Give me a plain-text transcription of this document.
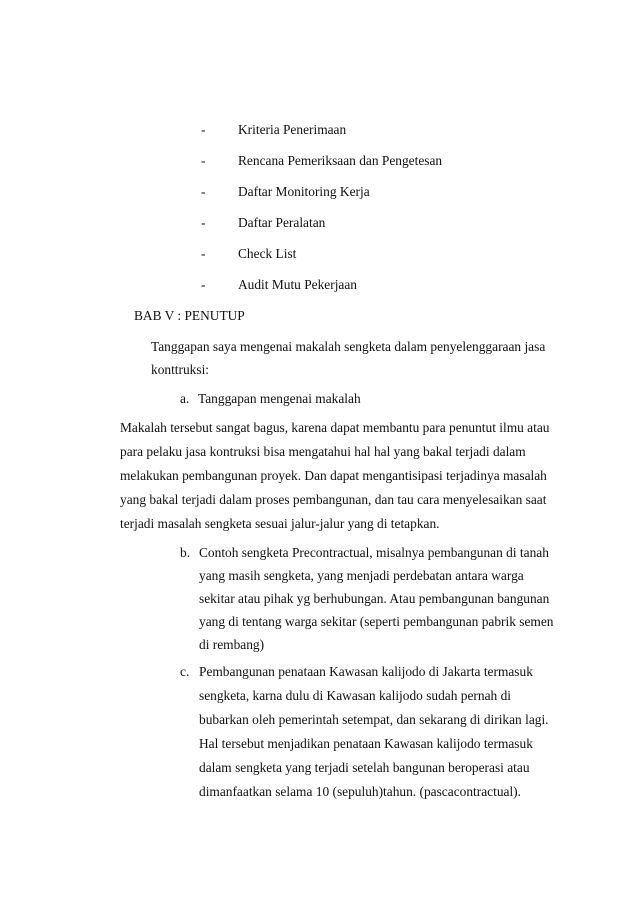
- Kriteria Penerimaan
- Rencana Pemeriksaan dan Pengetesan
- Daftar Monitoring Kerja
- Daftar Peralatan
- Check List
- Audit Mutu Pekerjaan
BAB V : PENUTUP
Tanggapan saya mengenai makalah sengketa dalam penyelenggaraan jasa
konttruksi:
a. Tanggapan mengenai makalah
Makalah tersebut sangat bagus, karena dapat membantu para penuntut ilmu atau
para pelaku jasa kontruksi bisa mengatahui hal hal yang bakal terjadi dalam
melakukan pembangunan proyek. Dan dapat mengantisipasi terjadinya masalah
yang bakal terjadi dalam proses pembangunan, dan tau cara menyelesaikan saat
terjadi masalah sengketa sesuai jalur-jalur yang di tetapkan.
b. Contoh sengketa Precontractual, misalnya pembangunan di tanah
yang masih sengketa, yang menjadi perdebatan antara warga
sekitar atau pihak yg berhubungan. Atau pembangunan bangunan
yang di tentang warga sekitar (seperti pembangunan pabrik semen
di rembang)
c. Pembangunan penataan Kawasan kalijodo di Jakarta termasuk
sengketa, karna dulu di Kawasan kalijodo sudah pernah di
bubarkan oleh pemerintah setempat, dan sekarang di dirikan lagi.
Hal tersebut menjadikan penataan Kawasan kalijodo termasuk
dalam sengketa yang terjadi setelah bangunan beroperasi atau
dimanfaatkan selama 10 (sepuluh)tahun. (pascacontractual).
